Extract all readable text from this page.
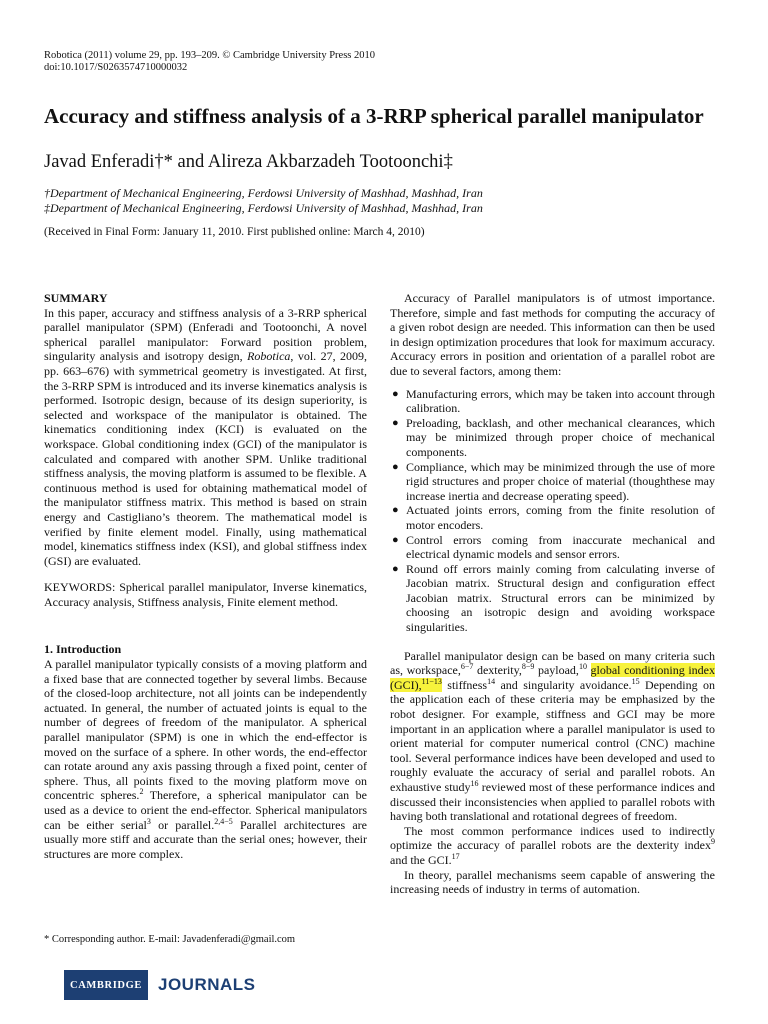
Robotica (2011) volume 29, pp. 193–209. © Cambridge University Press 2010
doi:10.1017/S0263574710000032
Accuracy and stiffness analysis of a 3-RRP spherical parallel manipulator
Javad Enferadi†* and Alireza Akbarzadeh Tootoonchi‡
†Department of Mechanical Engineering, Ferdowsi University of Mashhad, Mashhad, Iran
‡Department of Mechanical Engineering, Ferdowsi University of Mashhad, Mashhad, Iran
(Received in Final Form: January 11, 2010. First published online: March 4, 2010)
SUMMARY

In this paper, accuracy and stiffness analysis of a 3-RRP spherical parallel manipulator (SPM) (Enferadi and Tootoonchi, A novel spherical parallel manipulator: Forward position problem, singularity analysis and isotropy design, Robotica, vol. 27, 2009, pp. 663–676) with symmetrical geometry is investigated. At first, the 3-RRP SPM is introduced and its inverse kinematics analysis is performed. Isotropic design, because of its design superiority, is selected and workspace of the manipulator is obtained. The kinematics conditioning index (KCI) is evaluated on the workspace. Global conditioning index (GCI) of the manipulator is calculated and compared with another SPM. Unlike traditional stiffness analysis, the moving platform is assumed to be flexible. A continuous method is used for obtaining mathematical model of the manipulator stiffness matrix. This method is based on strain energy and Castigliano’s theorem. The mathematical model is verified by finite element model. Finally, using mathematical model, kinematics stiffness index (KSI), and global stiffness index (GSI) are evaluated.

KEYWORDS: Spherical parallel manipulator, Inverse kinematics, Accuracy analysis, Stiffness analysis, Finite element method.

1. Introduction

A parallel manipulator typically consists of a moving platform and a fixed base that are connected together by several limbs. Because of the closed-loop architecture, not all joints can be independently actuated. In general, the number of actuated joints is equal to the number of degrees of freedom of the manipulator. A spherical parallel manipulator (SPM) is one in which the end-effector is moved on the surface of a sphere. In other words, the end-effector can rotate around any axis passing through a fixed point, center of sphere. Thus, all points fixed to the moving platform move on concentric spheres.$^2$ Therefore, a spherical manipulator can be used as a device to orient the end-effector. Spherical manipulators can be either serial$^3$ or parallel.$^{2,4-5}$ Parallel architectures are usually more stiff and accurate than the serial ones; however, their structures are more complex.

Accuracy of Parallel manipulators is of utmost importance. Therefore, simple and fast methods for computing the accuracy of a given robot design are needed. This information can then be used in design optimization procedures that look for maximum accuracy. Accuracy errors in position and orientation of a parallel robot are due to several factors, among them:

● Manufacturing errors, which may be taken into account through calibration.
● Preloading, backlash, and other mechanical clearances, which may be minimized through proper choice of mechanical components.
● Compliance, which may be minimized through the use of more rigid structures and proper choice of material (thoughthese may increase inertia and decrease operating speed).
● Actuated joints errors, coming from the finite resolution of motor encoders.
● Control errors coming from inaccurate mechanical and electrical dynamic models and sensor errors.
● Round off errors mainly coming from calculating inverse of Jacobian matrix. Structural design and configuration effect Jacobian matrix. Structural errors can be minimized by choosing an isotropic design and avoiding workspace singularities.

Parallel manipulator design can be based on many criteria such as, workspace,$^{6-7}$ dexterity,$^{8-9}$ payload,$^{10}$ global conditioning index (GCI),$^{11-13}$ stiffness$^{14}$ and singularity avoidance.$^{15}$ Depending on the application each of these criteria may be emphasized by the robot designer. For example, stiffness and GCI may be more important in an application where a parallel manipulator is used to orient material for computer numerical control (CNC) machine tool. Several performance indices have been developed and used to roughly evaluate the accuracy of serial and parallel robots. An exhaustive study$^{16}$ reviewed most of these performance indices and discussed their inconsistencies when applied to parallel robots with having both translational and rotational degrees of freedom.

The most common performance indices used to indirectly optimize the accuracy of parallel robots are the dexterity index$^9$ and the GCI.$^{17}$

In theory, parallel mechanisms seem capable of answering the increasing needs of industry in terms of automation.

* Corresponding author. E-mail: Javadenferadi@gmail.com
CAMBRIDGE JOURNALS
